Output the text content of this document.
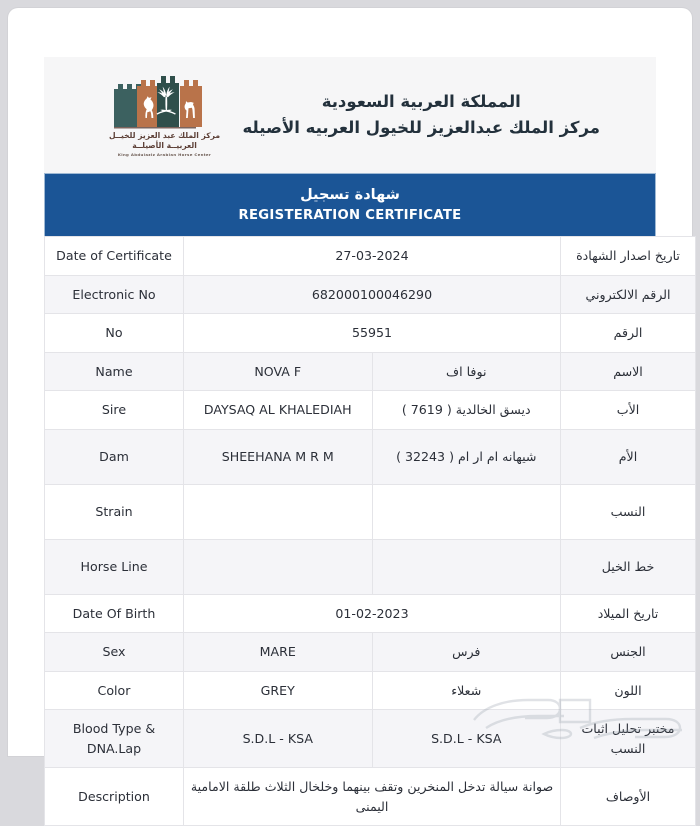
المملكة العربية السعودية
مركز الملك عبدالعزيز للخيول العربيه الأصيله
مركز الملك عبد العزيز للخيــل العربيــة الأصيلــة
King Abdulaziz Arabian Horse Center
شهادة تسجيل
REGISTERATION CERTIFICATE
Date of Certificate	27-03-2024		تاريخ اصدار الشهادة
Electronic No	682000100046290		الرقم الالكتروني
No	55951		الرقم
Name	NOVA F	نوفا اف	الاسم
Sire	DAYSAQ AL KHALEDIAH	ديسق الخالدية ( 7619 )	الأب
Dam	SHEEHANA M R M	شيهانه ام ار ام ( 32243 )	الأم
Strain			النسب
Horse Line			خط الخيل
Date Of Birth	01-02-2023		تاريخ الميلاد
Sex	MARE	فرس	الجنس
Color	GREY	شعلاء	اللون
Blood Type & DNA.Lap	S.D.L - KSA	S.D.L - KSA	مختبر تحليل اثبات النسب
Description	صوانة سيالة تدخل المنخرين وتقف بينهما وخلخال الثلاث طلقة الامامية اليمنى		الأوصاف
